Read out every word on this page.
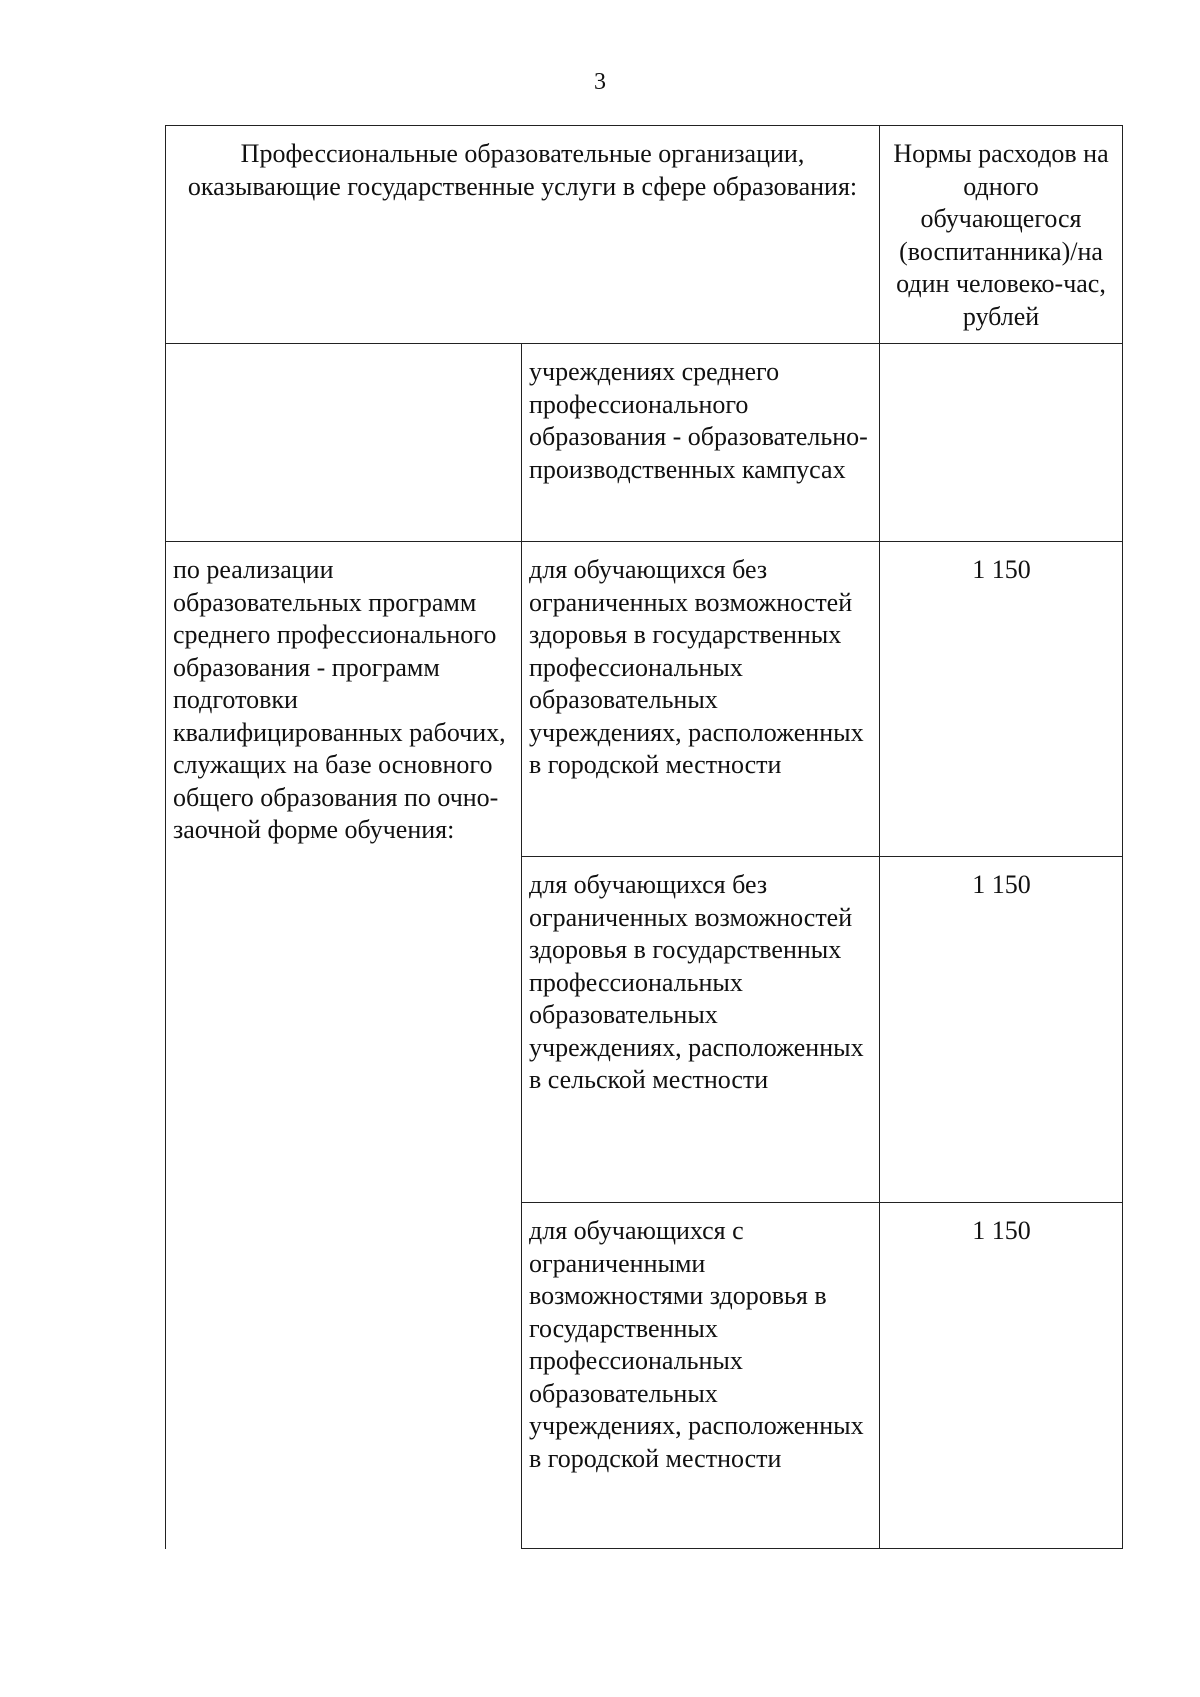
3
Профессиональные образовательные организации, оказывающие государственные услуги в сфере образования:		Нормы расходов на одного обучающегося (воспитанника)/на один человеко-час, рублей

	учреждениях среднего профессионального образования - образовательно-производственных кампусах	

по реализации образовательных программ среднего профессионального образования - программ подготовки квалифицированных рабочих, служащих на базе основного общего образования по очно-заочной форме обучения:	для обучающихся без ограниченных возможностей здоровья в государственных профессиональных образовательных учреждениях, расположенных в городской местности	1 150

	для обучающихся без ограниченных возможностей здоровья в государственных профессиональных образовательных учреждениях, расположенных в сельской местности	1 150

	для обучающихся с ограниченными возможностями здоровья в государственных профессиональных образовательных учреждениях, расположенных в городской местности	1 150
